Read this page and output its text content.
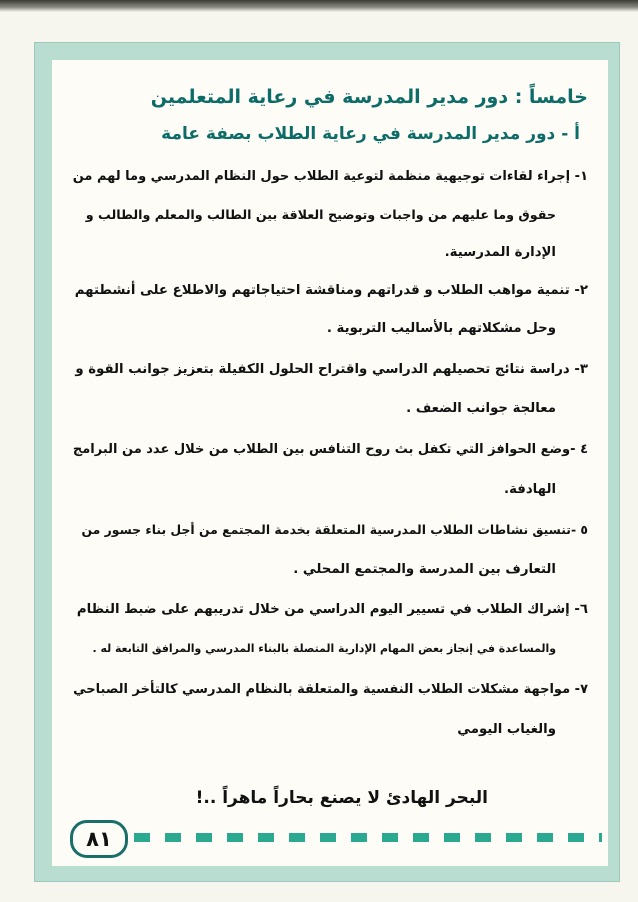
خامساً : دور مدير المدرسة في رعاية المتعلمين
أ - دور مدير المدرسة في رعاية الطلاب بصفة عامة

١- إجراء لقاءات توجيهية منظمة لتوعية الطلاب حول النظام المدرسي وما لهم من

حقوق وما عليهم من واجبات وتوضيح العلاقة بين الطالب والمعلم والطالب و

الإدارة المدرسية.

٢- تنمية مواهب الطلاب و قدراتهم ومناقشة احتياجاتهم والاطلاع على أنشطتهم

وحل مشكلاتهم بالأساليب التربوية .

٣- دراسة نتائج تحصيلهم الدراسي واقتراح الحلول الكفيلة بتعزيز جوانب القوة و

معالجة جوانب الضعف .

٤ -وضع الحوافز التي تكفل بث روح التنافس بين الطلاب من خلال عدد من البرامج

الهادفة.

٥ -تنسيق نشاطات الطلاب المدرسية المتعلقة بخدمة المجتمع من أجل بناء جسور من

التعارف بين المدرسة والمجتمع المحلي .

٦- إشراك الطلاب في تسيير اليوم الدراسي من خلال تدريبهم على ضبط النظام

والمساعدة في إنجاز بعض المهام الإدارية المتصلة بالبناء المدرسي والمرافق التابعة له .

٧- مواجهة مشكلات الطلاب النفسية والمتعلقة بالنظام المدرسي كالتأخر الصباحي

والغياب اليومي

البحر الهادئ لا يصنع بحاراً ماهراً ..!

٨١
